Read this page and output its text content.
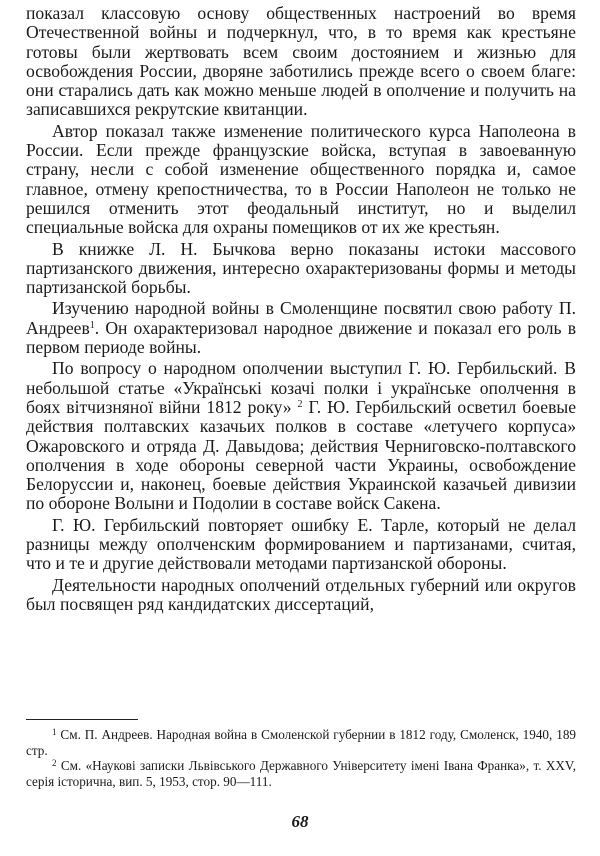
показал классовую основу общественных настроений во время Отечественной войны и подчеркнул, что, в то время как крестьяне готовы были жертвовать всем своим достоянием и жизнью для освобождения России, дворяне заботились прежде всего о своем благе: они старались дать как можно меньше людей в ополчение и получить на записавшихся рекрутские квитанции.

Автор показал также изменение политического курса Наполеона в России. Если прежде французские войска, вступая в завоеванную страну, несли с собой изменение общественного порядка и, самое главное, отмену крепостничества, то в России Наполеон не только не решился отменить этот феодальный институт, но и выделил специальные войска для охраны помещиков от их же крестьян.

В книжке Л. Н. Бычкова верно показаны истоки массового партизанского движения, интересно охарактеризованы формы и методы партизанской борьбы.

Изучению народной войны в Смоленщине посвятил свою работу П. Андреев$^1$. Он охарактеризовал народное движение и показал его роль в первом периоде войны.

По вопросу о народном ополчении выступил Г. Ю. Гербильский. В небольшой статье «Українські козачі полки і українське ополчення в боях вітчизняної війни 1812 року» $^2$ Г. Ю. Гербильский осветил боевые действия полтавских казачьих полков в составе «летучего корпуса» Ожаровского и отряда Д. Давыдова; действия Черниговско-полтавского ополчения в ходе обороны северной части Украины, освобождение Белоруссии и, наконец, боевые действия Украинской казачьей дивизии по обороне Волыни и Подолии в составе войск Сакена.

Г. Ю. Гербильский повторяет ошибку Е. Тарле, который не делал разницы между ополченским формированием и партизанами, считая, что и те и другие действовали методами партизанской обороны.

Деятельности народных ополчений отдельных губерний или округов был посвящен ряд кандидатских диссертаций,

$^1$ См. П. Андреев. Народная война в Смоленской губернии в 1812 году, Смоленск, 1940, 189 стр.

$^2$ См. «Наукові записки Львівського Державного Університету імені Івана Франка», т. XXV, серія історична, вип. 5, 1953, стор. 90—111.

68
